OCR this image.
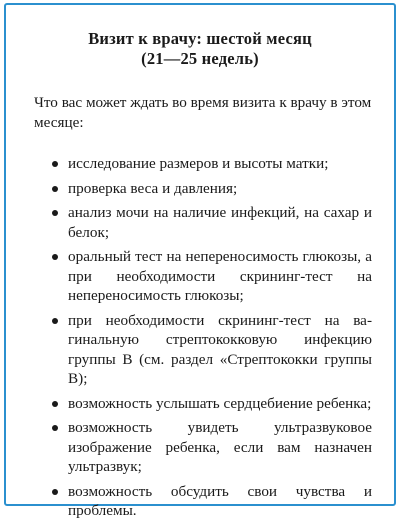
Визит к врачу: шестой месяц
(21—25 недель)
Что вас может ждать во время визита к врачу в этом месяце:
исследование размеров и высоты матки;
проверка веса и давления;
анализ мочи на наличие инфекций, на сахар и белок;
оральный тест на непереносимость глюкозы, а при необходимости скрининг-тест на непереносимость глюкозы;
при необходимости скрининг-тест на вагинальную стрептококковую инфекцию группы В (см. раздел «Стрептококки группы В);
возможность услышать сердцебиение ребенка;
возможность увидеть ультразвуковое изображение ребенка, если вам назначен ультразвук;
возможность обсудить свои чувства и проблемы.
